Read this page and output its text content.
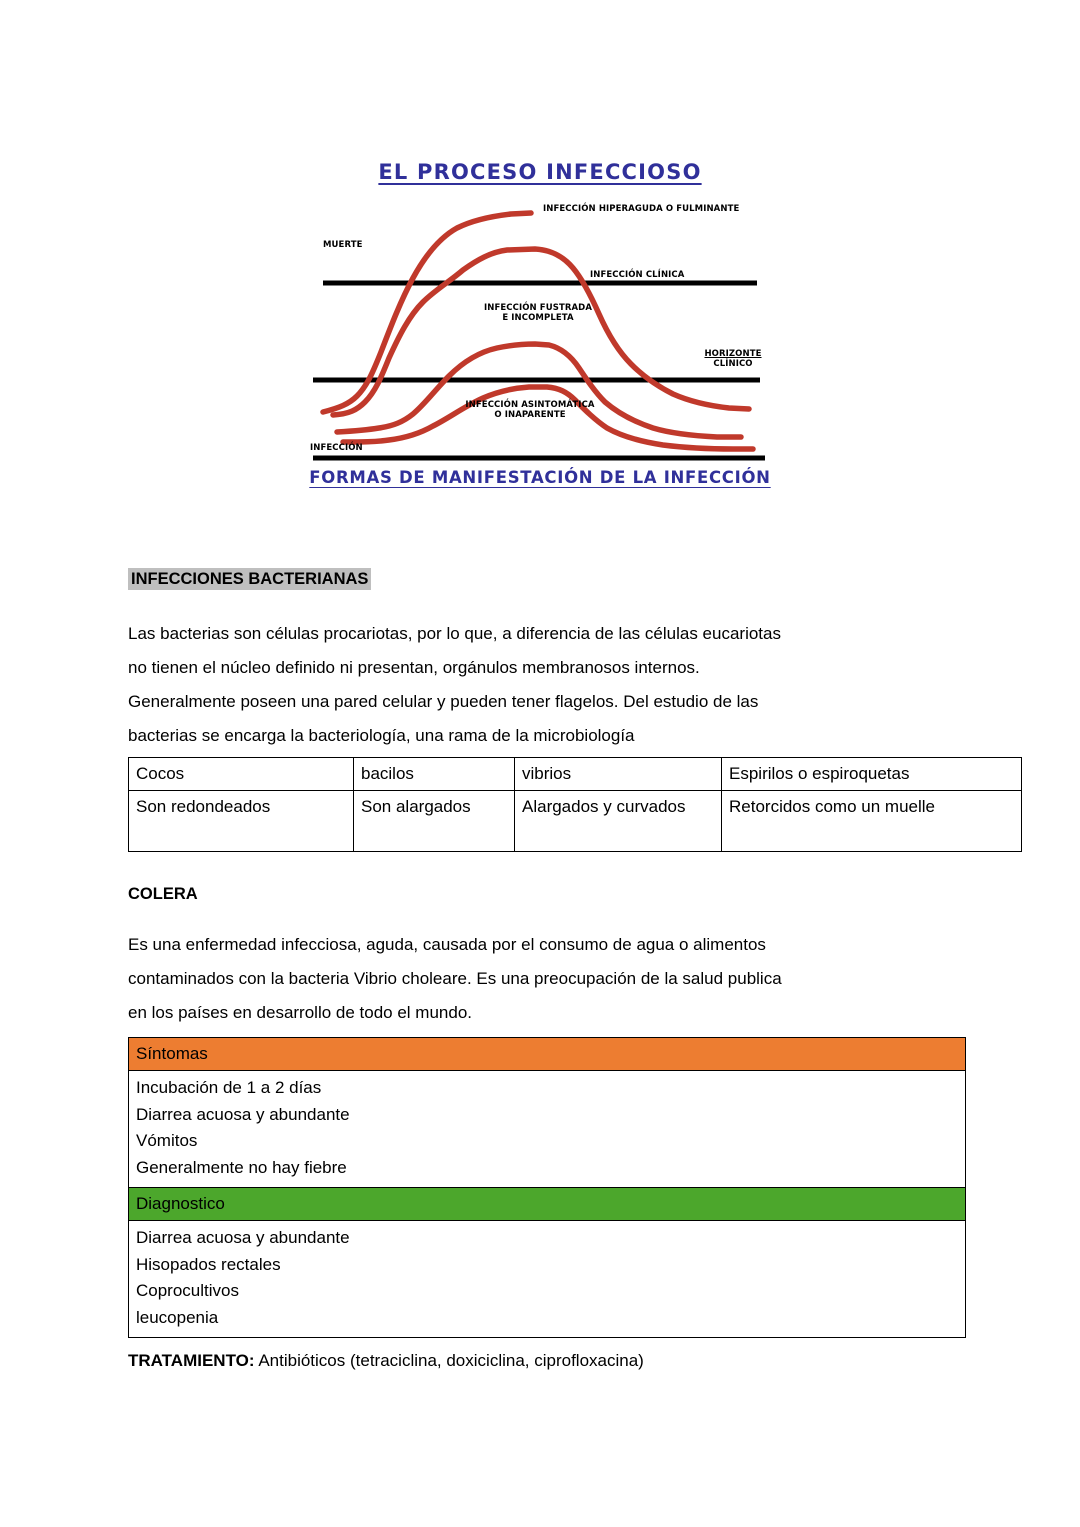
EL PROCESO INFECCIOSO
INFECCIÓN HIPERAGUDA O FULMINANTE
MUERTE
INFECCIÓN CLÍNICA
INFECCIÓN FUSTRADA
E INCOMPLETA
HORIZONTE
CLÍNICO
INFECCIÓN ASINTOMÁTICA
O INAPARENTE
INFECCIÓN
FORMAS DE MANIFESTACIÓN DE LA INFECCIÓN
INFECCIONES BACTERIANAS
Las bacterias son células procariotas, por lo que, a diferencia de las células eucariotas
no tienen el núcleo definido ni presentan, orgánulos membranosos internos.
Generalmente poseen una pared celular y pueden tener flagelos. Del estudio de las
bacterias se encarga la bacteriología, una rama de la microbiología
Cocos	bacilos	vibrios	Espirilos o espiroquetas
Son redondeados	Son alargados	Alargados y curvados	Retorcidos como un muelle
COLERA
Es una enfermedad infecciosa, aguda, causada por el consumo de agua o alimentos
contaminados con la bacteria Vibrio choleare. Es una preocupación de la salud publica
en los países en desarrollo de todo el mundo.
Síntomas

Incubación de 1 a 2 días
Diarrea acuosa y abundante
Vómitos
Generalmente no hay fiebre

Diagnostico

Diarrea acuosa y abundante
Hisopados rectales
Coprocultivos
leucopenia
TRATAMIENTO: Antibióticos (tetraciclina, doxiciclina, ciprofloxacina)
